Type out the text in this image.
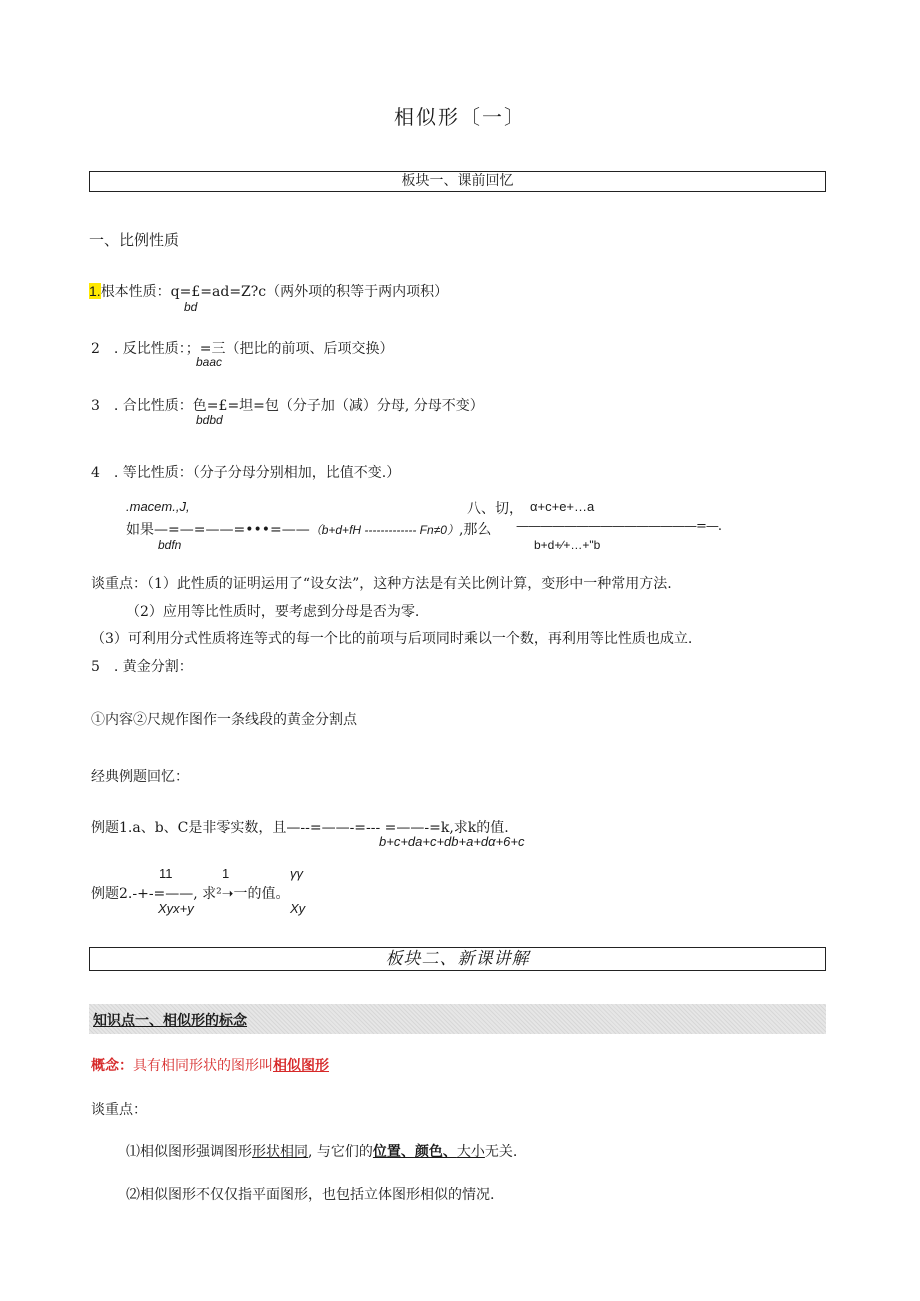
相似形〔一〕
板块一、课前回忆
一、比例性质
1.根本性质：q=£=ad=Z?c（两外项的积等于两内项积）
bd
2　. 反比性质：；=三（把比的前项、后项交换）
baac
3　. 合比性质：色=£=坦=包（分子加（减）分母, 分母不变）
bdbd
4　. 等比性质：（分子分母分别相加，比值不变.）
.macem.,J,	八、切， α+c+e+…a
如果—=—=——=•••=——（b+d+fH ------------- Fn≠0）,那么 ———————————————=—.
bdfn	b+d+∕+…+"b
谈重点：（1）此性质的证明运用了“设女法”，这种方法是有关比例计算，变形中一种常用方法.
（2）应用等比性质时，要考虑到分母是否为零.
（3）可利用分式性质将连等式的每一个比的前项与后项同时乘以一个数，再利用等比性质也成立.
5　. 黄金分割：
①内容②尺规作图作一条线段的黄金分割点
经典例题回忆：
例题1.a、b、C是非零实数，且—--=——-=--- =——-=k,求k的值.
b+c+da+c+db+a+dα+6+c
11	1	γγ
例题2.-+-=——, 求²➝一的值。
Xyx+y	Xy
板块二、新课讲解
知识点一、相似形的标念
概念：具有相同形状的图形叫相似图形
谈重点：
⑴相似图形强调图形形状相同, 与它们的位置、颜色、大小无关.
⑵相似图形不仅仅指平面图形，也包括立体图形相似的情况.
